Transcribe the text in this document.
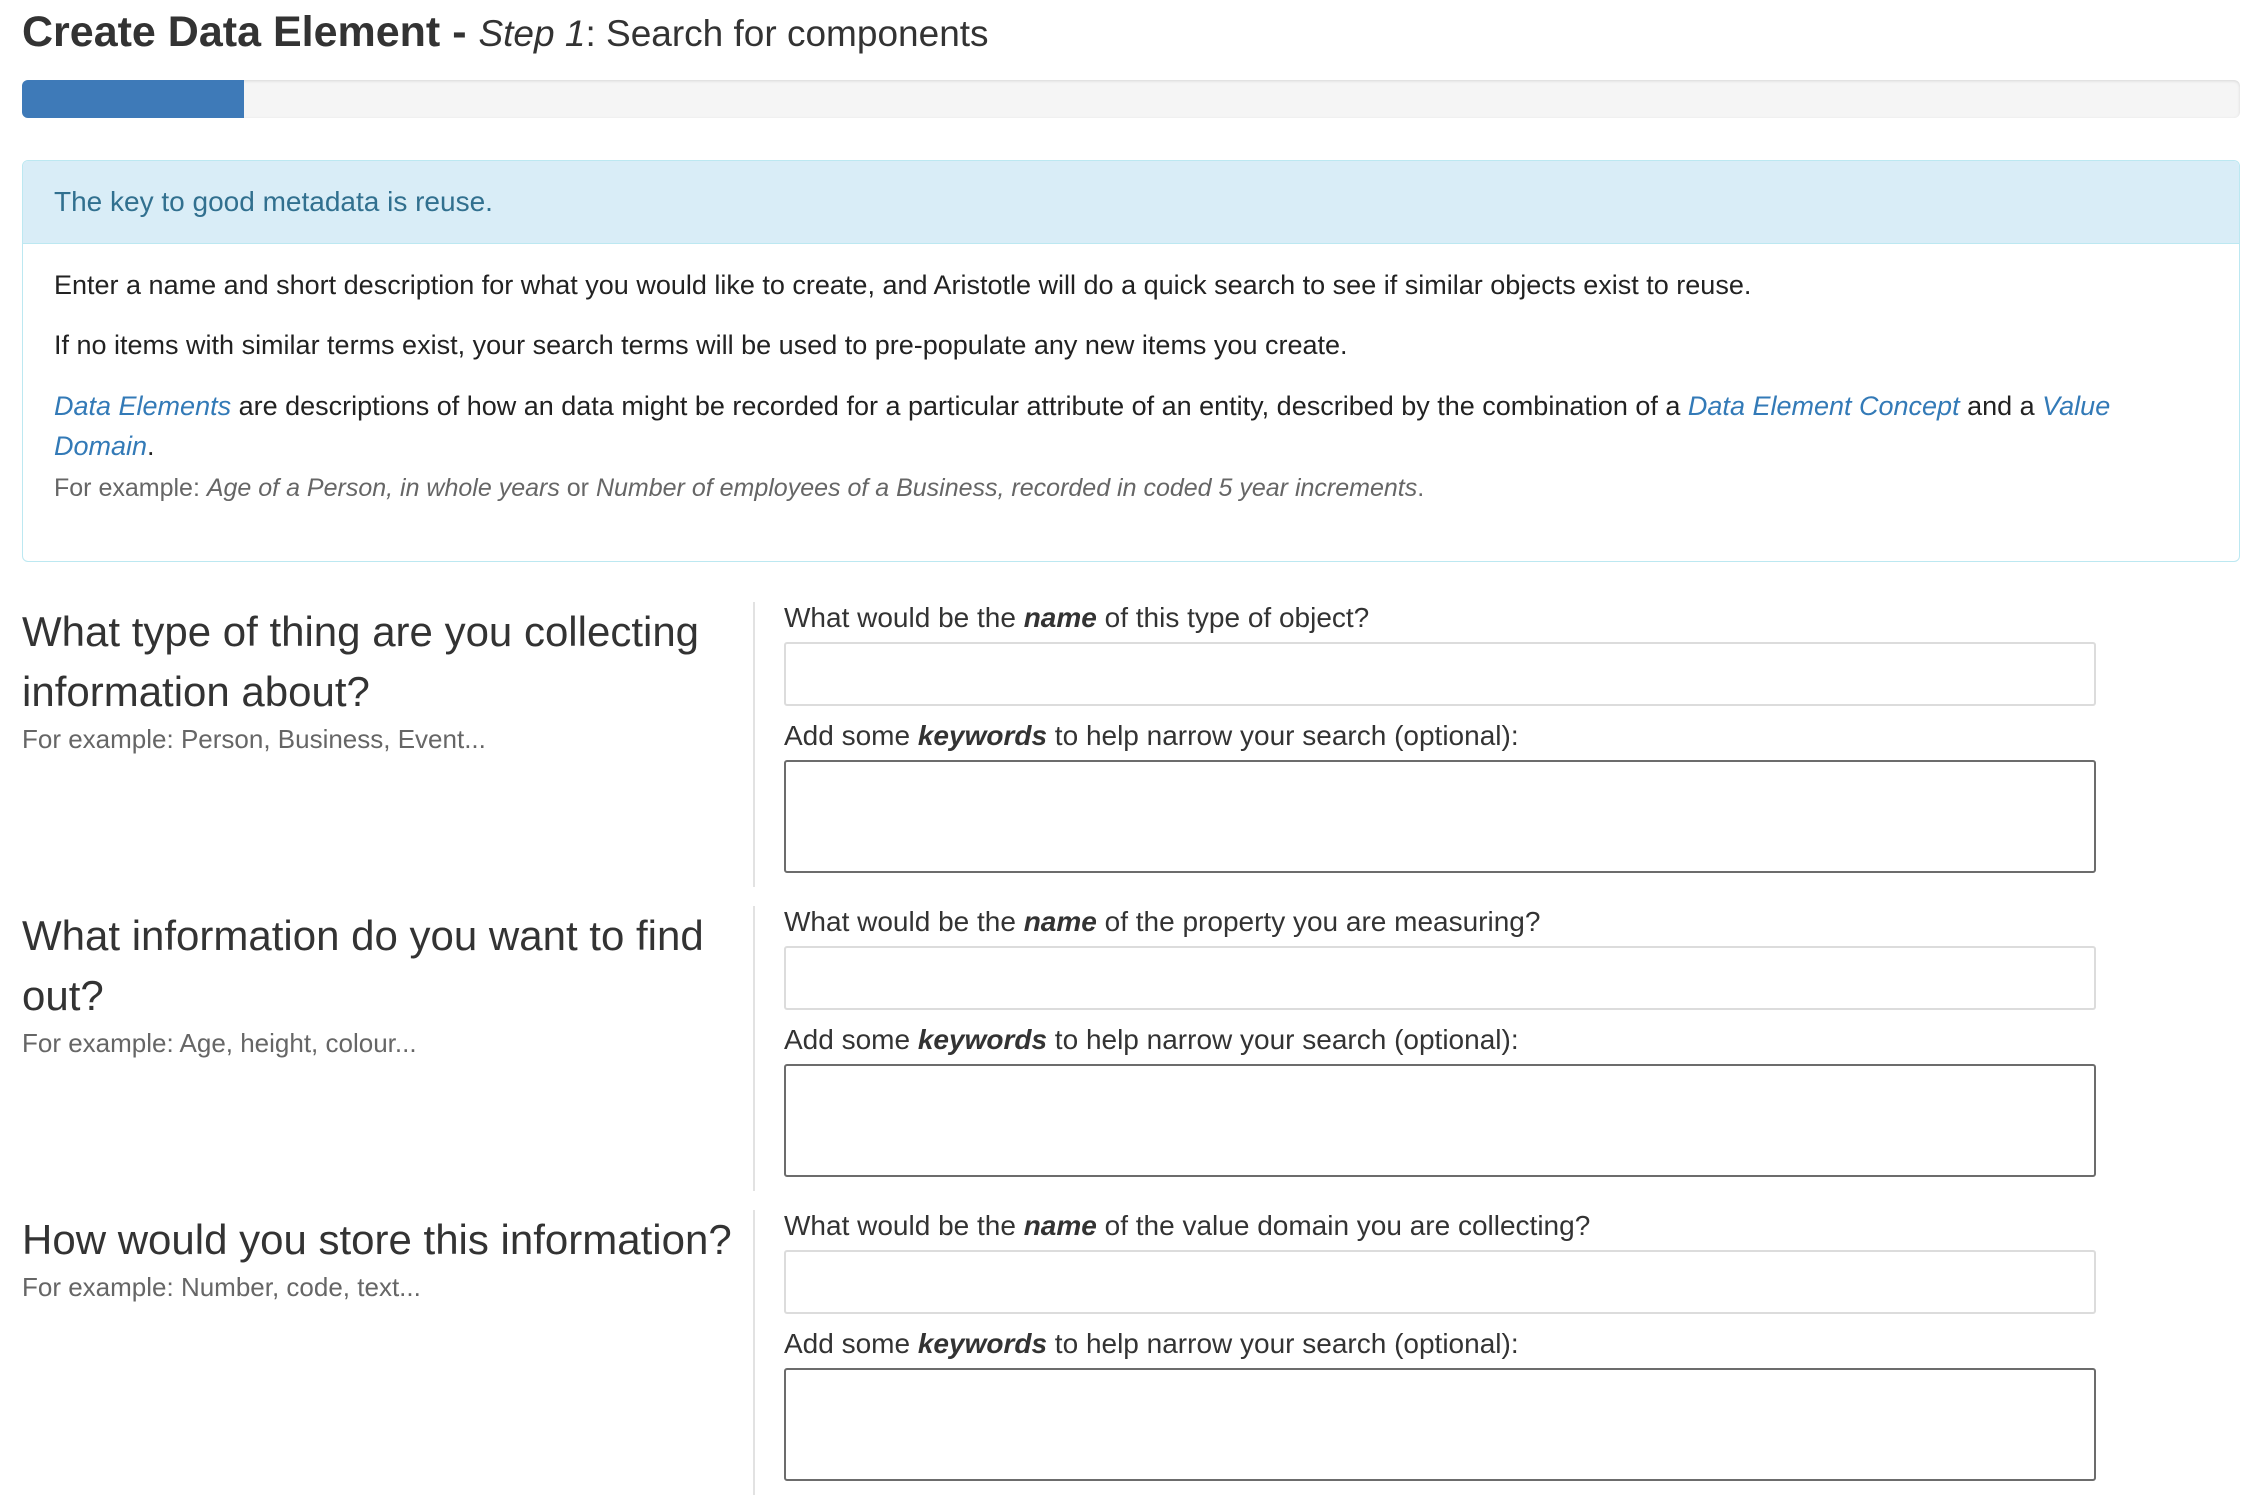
Create Data Element - Step 1: Search for components
The key to good metadata is reuse.

Enter a name and short description for what you would like to create, and Aristotle will do a quick search to see if similar objects exist to reuse.

If no items with similar terms exist, your search terms will be used to pre-populate any new items you create.

Data Elements are descriptions of how an data might be recorded for a particular attribute of an entity, described by the combination of a Data Element Concept and a Value Domain.

For example: Age of a Person, in whole years or Number of employees of a Business, recorded in coded 5 year increments.
What type of thing are you collecting information about?
For example: Person, Business, Event...
What would be the name of this type of object?
Add some keywords to help narrow your search (optional):
What information do you want to find out?
For example: Age, height, colour...
What would be the name of the property you are measuring?
Add some keywords to help narrow your search (optional):
How would you store this information?
For example: Number, code, text...
What would be the name of the value domain you are collecting?
Add some keywords to help narrow your search (optional):
